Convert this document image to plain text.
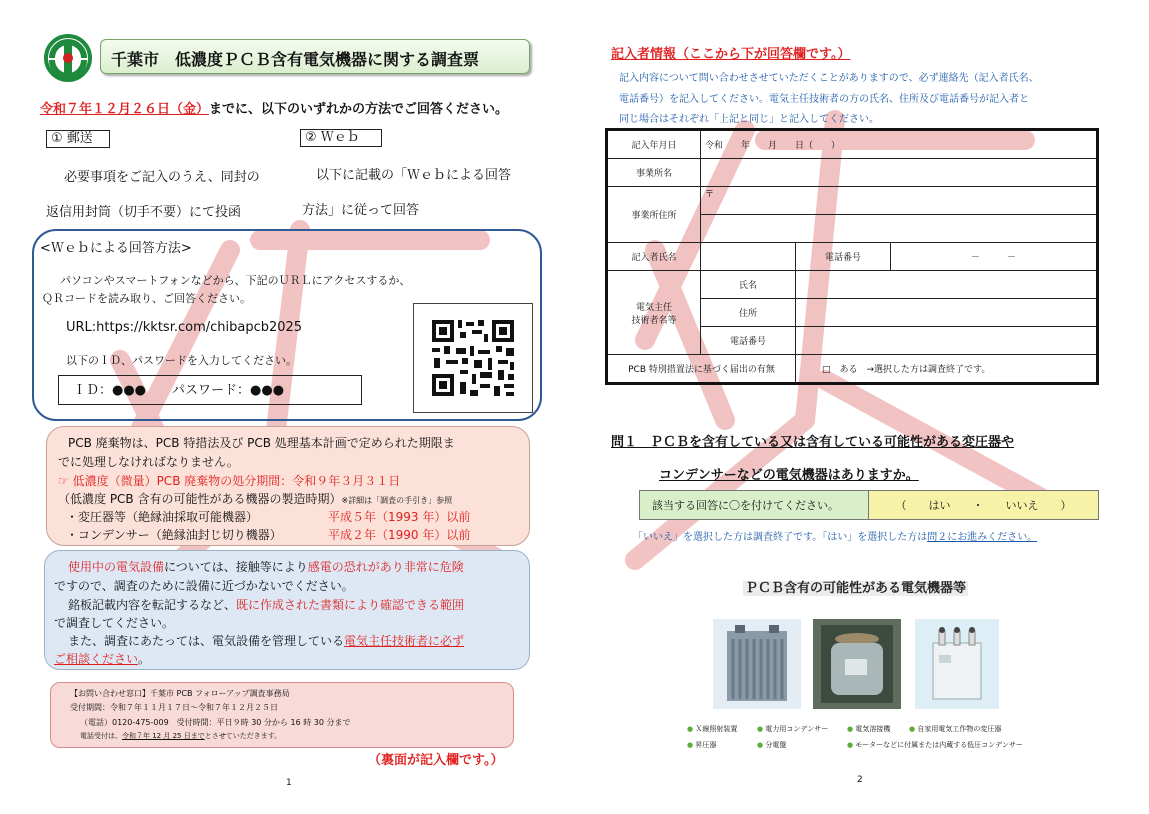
千葉市　低濃度ＰＣＢ含有電気機器に関する調査票
令和７年１２月２６日（金）までに、以下のいずれかの方法でご回答ください。
① 郵送
必要事項をご記入のうえ、同封の
返信用封筒（切手不要）にて投函
② Ｗｅｂ
以下に記載の「Ｗｅｂによる回答
方法」に従って回答
<Ｗｅｂによる回答方法>
パソコンやスマートフォンなどから、下記のＵＲＬにアクセスするか、
ＱＲコードを読み取り、ご回答ください。
URL:https://kktsr.com/chibapcb2025
以下のＩＤ、パスワードを入力してください。
ＩＤ：●●●　　パスワード：●●●
PCB 廃棄物は、PCB 特措法及び PCB 処理基本計画で定められた期限ま
でに処理しなければなりません。
☞ 低濃度（微量）PCB 廃棄物の処分期間：令和９年３月３１日
（低濃度 PCB 含有の可能性がある機器の製造時期）※詳細は「調査の手引き」参照
・変圧器等（絶縁油採取可能機器）	平成５年（1993 年）以前
・コンデンサー（絶縁油封じ切り機器）	平成２年（1990 年）以前
使用中の電気設備については、接触等により感電の恐れがあり非常に危険
ですので、調査のために設備に近づかないでください。
銘板記載内容を転記するなど、既に作成された書類により確認できる範囲
で調査してください。
また、調査にあたっては、電気設備を管理している電気主任技術者に必ず
ご相談ください。
【お問い合わせ窓口】千葉市 PCB フォローアップ調査事務局
受付期間：令和７年１１月１７日～令和７年１２月２５日
（電話）0120-475-009　受付時間：平日９時 30 分から 16 時 30 分まで
電話受付は、令和７年 12 月 25 日までとさせていただきます。
（裏面が記入欄です。）
1
記入者情報（ここから下が回答欄です。）
記入内容について問い合わせさせていただくことがありますので、必ず連絡先（記入者氏名、
電話番号）を記入してください。電気主任技術者の方の氏名、住所及び電話番号が記入者と
同じ場合はそれぞれ「上記と同じ」と記入してください。
記入年月日	令和　　年　　月　　日（　　）		
事業所名			
事業所住所	〒		

記入者氏名		電話番号	－　　　－

電気主任
技術者名等	氏名		
	住所		
	電話番号		
PCB 特別措置法に基づく届出の有無		□　ある　→選択した方は調査終了です。	
問１　ＰＣＢを含有している又は含有している可能性がある変圧器や
コンデンサーなどの電気機器はありますか。
該当する回答に〇を付けてください。	（　　はい　　・　　いいえ　　）
「いいえ」を選択した方は調査終了です。「はい」を選択した方は問２にお進みください。
ＰＣＢ含有の可能性がある電気機器等
● Ｘ線照射装置	● 電力用コンデンサー	● 電気溶接機	● 自家用電気工作物の変圧器
● 昇圧器	● 分電盤	● モーターなどに付属または内蔵する低圧コンデンサー
2
